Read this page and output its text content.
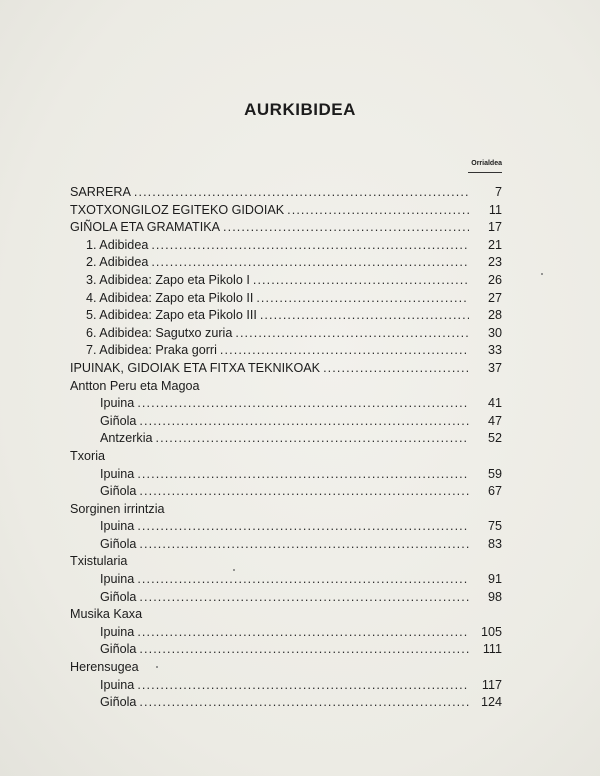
AURKIBIDEA
Orrialdea
SARRERA . . .	7
TXOTXONGILOZ EGITEKO GIDOIAK . . .	11
GIÑOLA ETA GRAMATIKA . . .	17
1. Adibidea . . .	21
2. Adibidea . . .	23
3. Adibidea: Zapo eta Pikolo I . . .	26
4. Adibidea: Zapo eta Pikolo II . . .	27
5. Adibidea: Zapo eta Pikolo III . . .	28
6. Adibidea: Sagutxo zuria . . .	30
7. Adibidea: Praka gorri . . .	33
IPUINAK, GIDOIAK ETA FITXA TEKNIKOAK . . .	37
Antton Peru eta Magoa
Ipuina . . .	41
Giñola . . .	47
Antzerkia . . .	52
Txoria
Ipuina . . .	59
Giñola . . .	67
Sorginen irrintzia
Ipuina . . .	75
Giñola . . .	83
Txistularia
Ipuina . . .	91
Giñola . . .	98
Musika Kaxa
Ipuina . . .	105
Giñola . . .	111
Herensugea
Ipuina . . .	117
Giñola . . .	124
